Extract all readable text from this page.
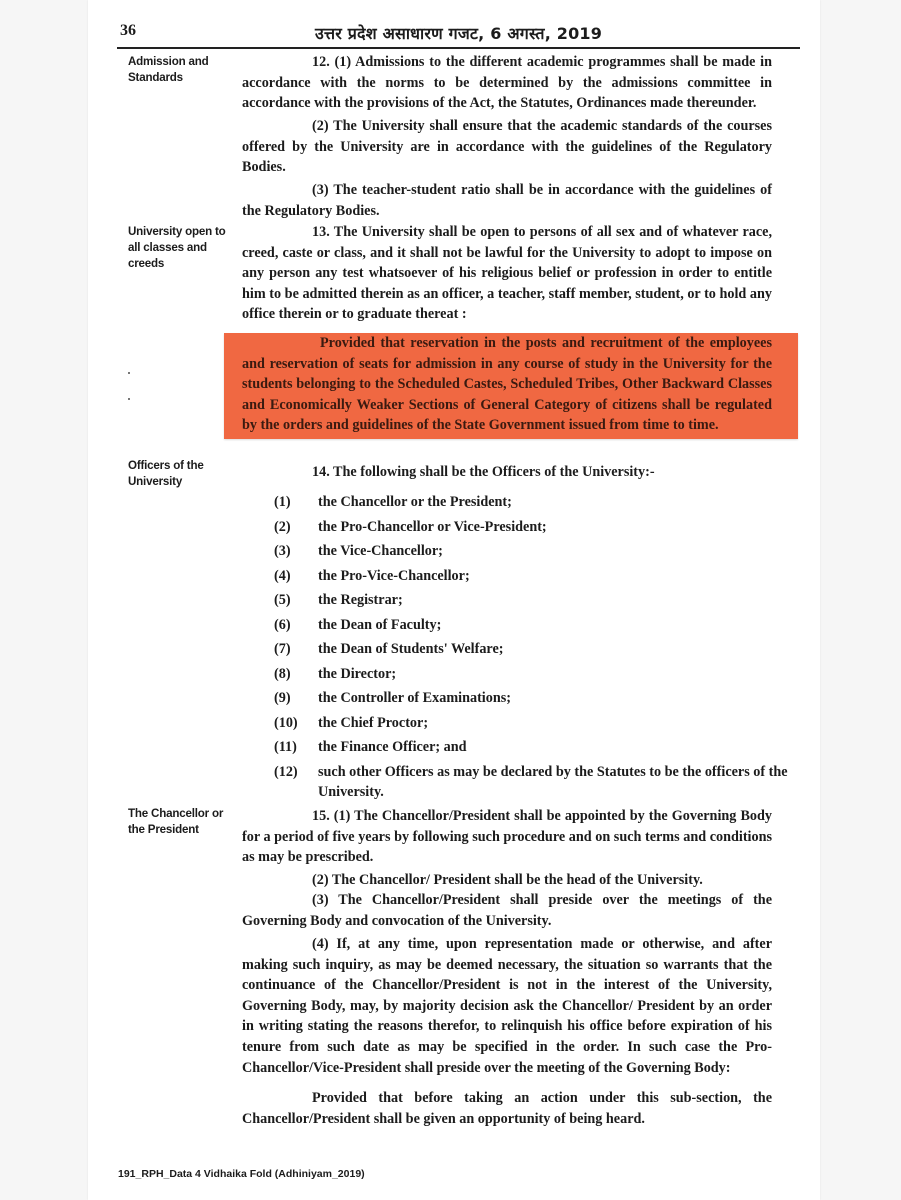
36	उत्तर प्रदेश असाधारण गजट, 6 अगस्त, 2019
Admission and Standards

12. (1) Admissions to the different academic programmes shall be made in accordance with the norms to be determined by the admissions committee in accordance with the provisions of the Act, the Statutes, Ordinances made thereunder.

(2) The University shall ensure that the academic standards of the courses offered by the University are in accordance with the guidelines of the Regulatory Bodies.

(3) The teacher-student ratio shall be in accordance with the guidelines of the Regulatory Bodies.

University open to all classes and creeds

13. The University shall be open to persons of all sex and of whatever race, creed, caste or class, and it shall not be lawful for the University to adopt to impose on any person any test whatsoever of his religious belief or profession in order to entitle him to be admitted therein as an officer, a teacher, staff member, student, or to hold any office therein or to graduate thereat :

Provided that reservation in the posts and recruitment of the employees and reservation of seats for admission in any course of study in the University for the students belonging to the Scheduled Castes, Scheduled Tribes, Other Backward Classes and Economically Weaker Sections of General Category of citizens shall be regulated by the orders and guidelines of the State Government issued from time to time.

Officers of the University

14. The following shall be the Officers of the University:-

(1)	the Chancellor or the President;
(2)	the Pro-Chancellor or Vice-President;
(3)	the Vice-Chancellor;
(4)	the Pro-Vice-Chancellor;
(5)	the Registrar;
(6)	the Dean of Faculty;
(7)	the Dean of Students' Welfare;
(8)	the Director;
(9)	the Controller of Examinations;
(10)	the Chief Proctor;
(11)	the Finance Officer; and
(12)	such other Officers as may be declared by the Statutes to be the officers of the University.
The Chancellor or the President

15. (1) The Chancellor/President shall be appointed by the Governing Body for a period of five years by following such procedure and on such terms and conditions as may be prescribed.

(2) The Chancellor/ President shall be the head of the University.

(3) The Chancellor/President shall preside over the meetings of the Governing Body and convocation of the University.

(4) If, at any time, upon representation made or otherwise, and after making such inquiry, as may be deemed necessary, the situation so warrants that the continuance of the Chancellor/President is not in the interest of the University, Governing Body, may, by majority decision ask the Chancellor/ President by an order in writing stating the reasons therefor, to relinquish his office before expiration of his tenure from such date as may be specified in the order. In such case the Pro-Chancellor/Vice-President shall preside over the meeting of the Governing Body:

Provided that before taking an action under this sub-section, the Chancellor/President shall be given an opportunity of being heard.

191_RPH_Data 4 Vidhaika Fold (Adhiniyam_2019)
